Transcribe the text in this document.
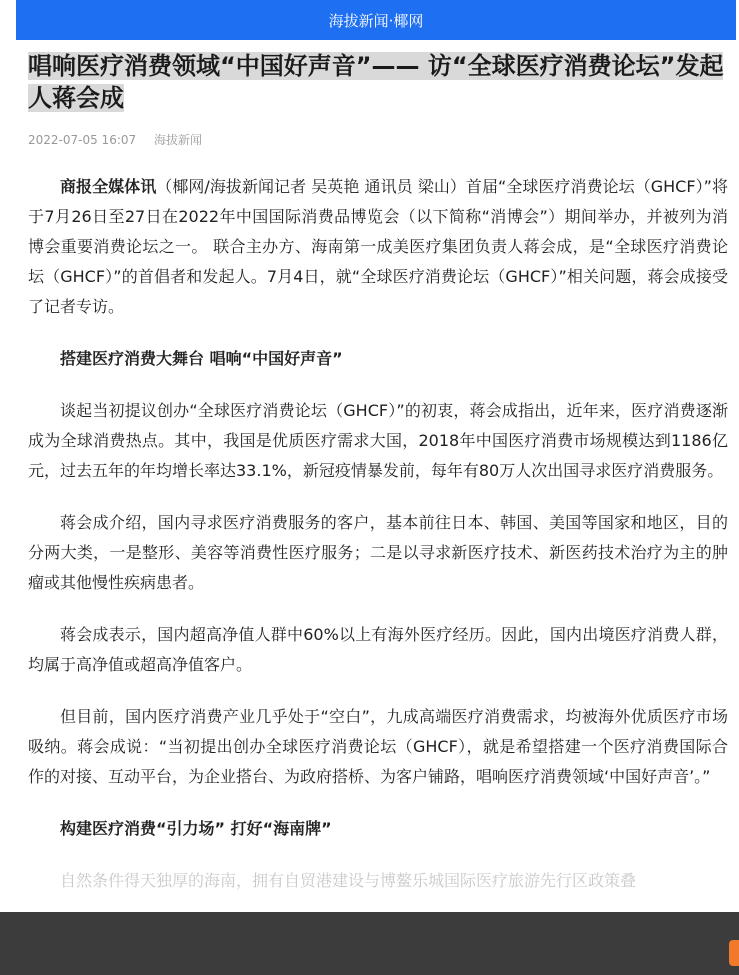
海拔新闻·椰网
唱响医疗消费领域“中国好声音”—— 访“全球医疗消费论坛”发起人蒋会成
2022-07-05 16:07 海拔新闻

商报全媒体讯（椰网/海拔新闻记者 吴英艳 通讯员 梁山）首届“全球医疗消费论坛（GHCF）”将于7月26日至27日在2022年中国国际消费品博览会（以下简称“消博会”）期间举办，并被列为消博会重要消费论坛之一。 联合主办方、海南第一成美医疗集团负责人蒋会成，是“全球医疗消费论坛（GHCF）”的首倡者和发起人。7月4日，就“全球医疗消费论坛（GHCF）”相关问题，蒋会成接受了记者专访。

搭建医疗消费大舞台 唱响“中国好声音”

谈起当初提议创办“全球医疗消费论坛（GHCF）”的初衷，蒋会成指出，近年来，医疗消费逐渐成为全球消费热点。其中，我国是优质医疗需求大国，2018年中国医疗消费市场规模达到1186亿元，过去五年的年均增长率达33.1%，新冠疫情暴发前，每年有80万人次出国寻求医疗消费服务。

蒋会成介绍，国内寻求医疗消费服务的客户，基本前往日本、韩国、美国等国家和地区，目的分两大类，一是整形、美容等消费性医疗服务；二是以寻求新医疗技术、新医药技术治疗为主的肿瘤或其他慢性疾病患者。

蒋会成表示，国内超高净值人群中60%以上有海外医疗经历。因此，国内出境医疗消费人群，均属于高净值或超高净值客户。

但目前，国内医疗消费产业几乎处于“空白”，九成高端医疗消费需求，均被海外优质医疗市场吸纳。蒋会成说：“当初提出创办全球医疗消费论坛（GHCF），就是希望搭建一个医疗消费国际合作的对接、互动平台，为企业搭台、为政府搭桥、为客户铺路，唱响医疗消费领域‘中国好声音’。”

构建医疗消费“引力场” 打好“海南牌”

自然条件得天独厚的海南，拥有自贸港建设与博鳌乐城国际医疗旅游先行区政策叠
